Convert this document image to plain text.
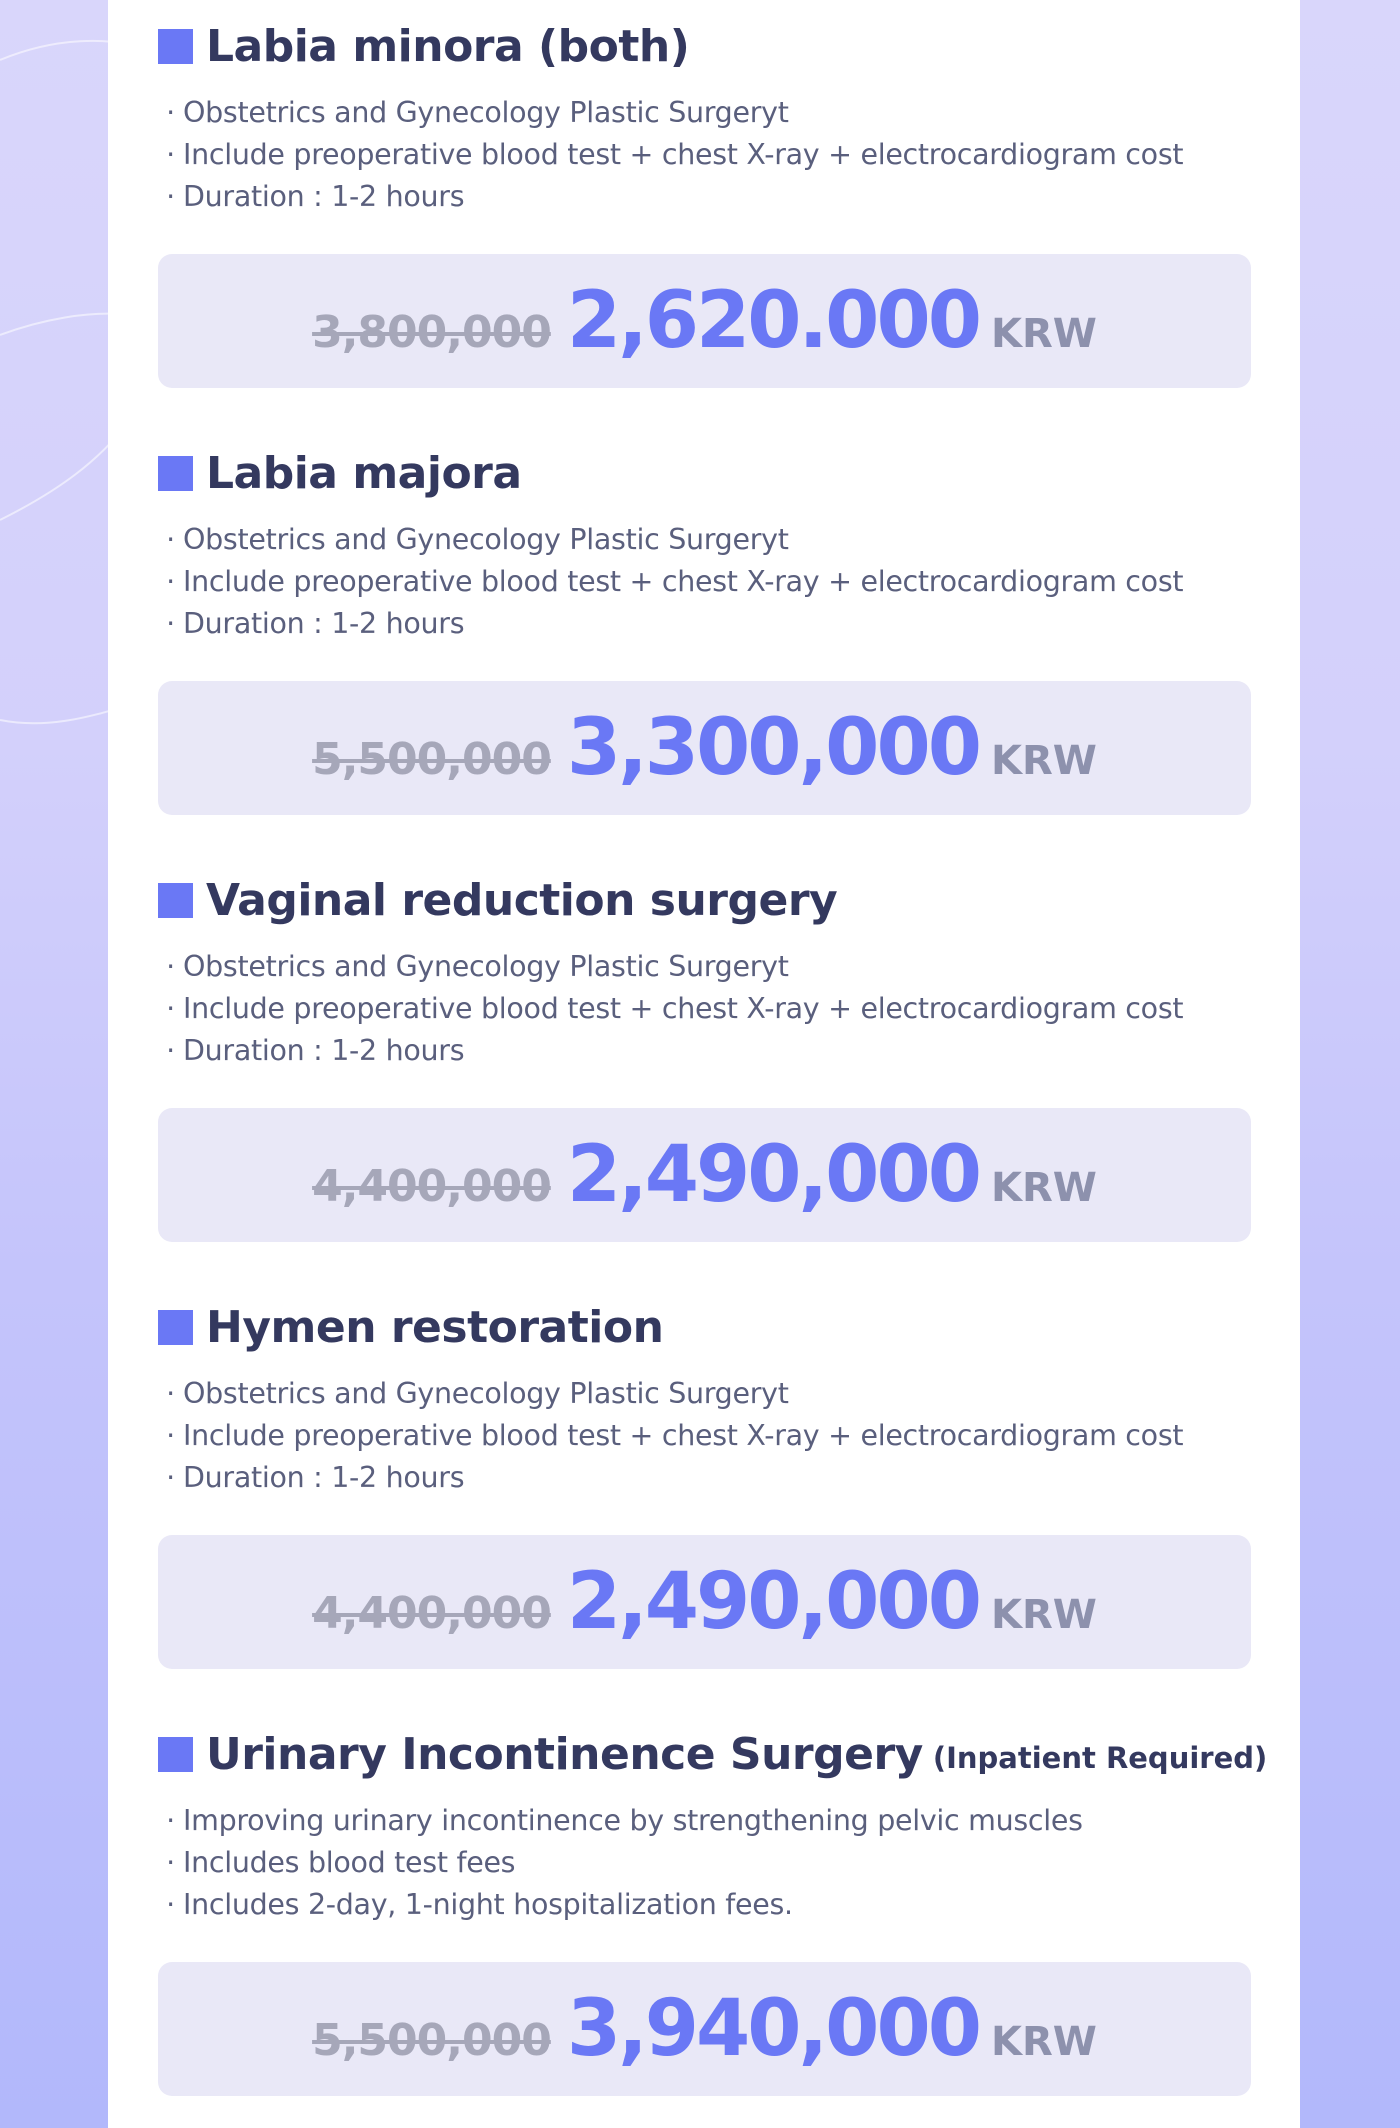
Labia minora (both)
· Obstetrics and Gynecology Plastic Surgeryt
· Include preoperative blood test + chest X-ray + electrocardiogram cost
· Duration : 1-2 hours
3,800,000 2,620.000 KRW
Labia majora
· Obstetrics and Gynecology Plastic Surgeryt
· Include preoperative blood test + chest X-ray + electrocardiogram cost
· Duration : 1-2 hours
5,500,000 3,300,000 KRW
Vaginal reduction surgery
· Obstetrics and Gynecology Plastic Surgeryt
· Include preoperative blood test + chest X-ray + electrocardiogram cost
· Duration : 1-2 hours
4,400,000 2,490,000 KRW
Hymen restoration
· Obstetrics and Gynecology Plastic Surgeryt
· Include preoperative blood test + chest X-ray + electrocardiogram cost
· Duration : 1-2 hours
4,400,000 2,490,000 KRW
Urinary Incontinence Surgery (Inpatient Required)
· Improving urinary incontinence by strengthening pelvic muscles
· Includes blood test fees
· Includes 2-day, 1-night hospitalization fees.
5,500,000 3,940,000 KRW
